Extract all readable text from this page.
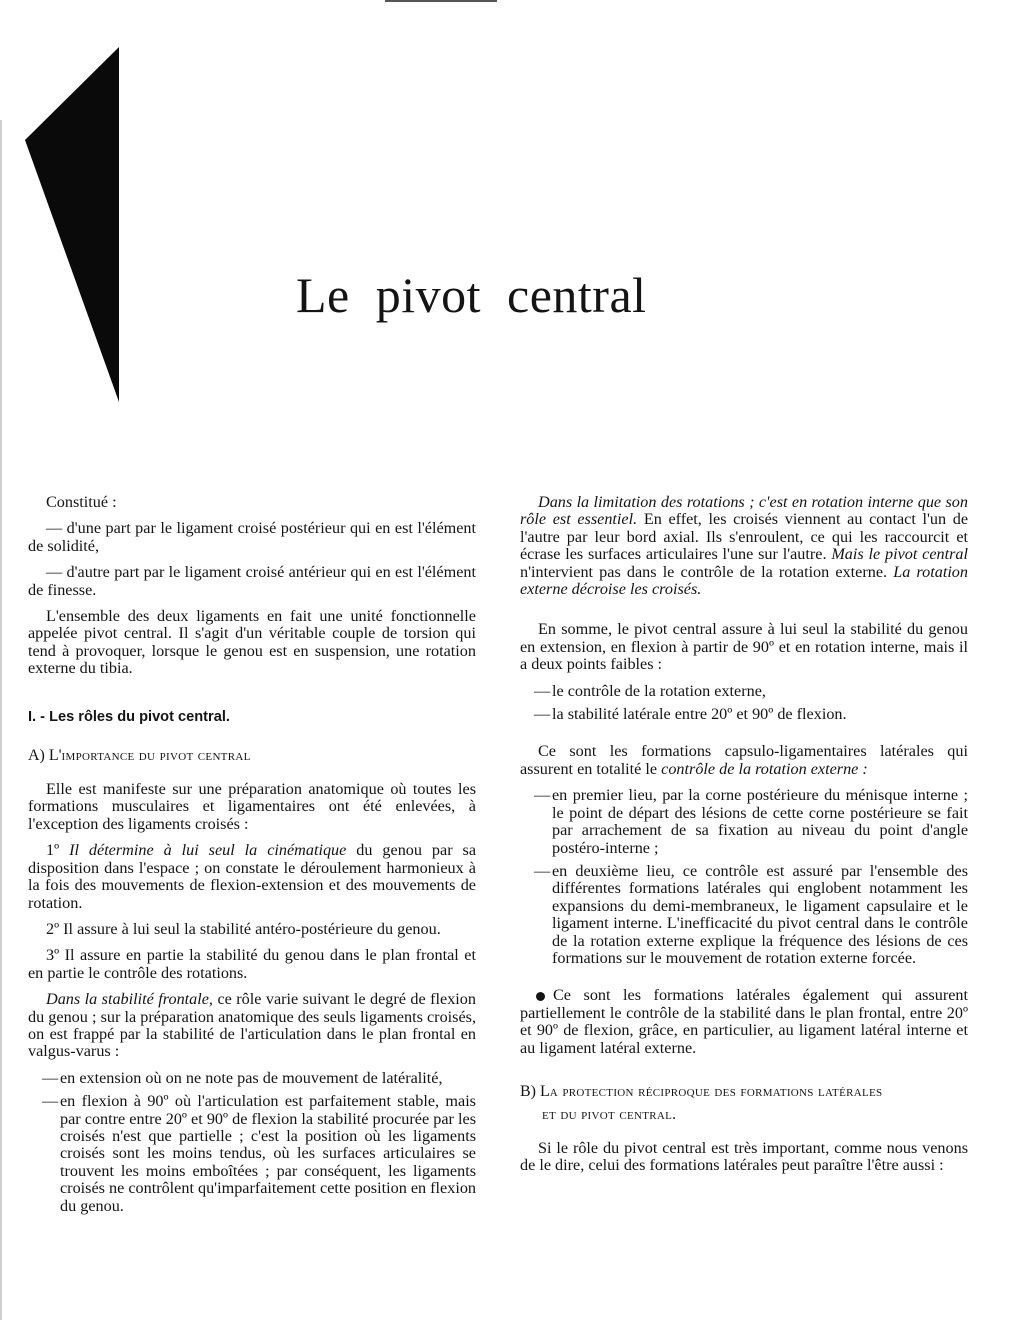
Le pivot central

Constitué :

— d'une part par le ligament croisé postérieur qui en est l'élément de solidité,

— d'autre part par le ligament croisé antérieur qui en est l'élément de finesse.

L'ensemble des deux ligaments en fait une unité fonctionnelle appelée pivot central. Il s'agit d'un véritable couple de torsion qui tend à provoquer, lorsque le genou est en suspension, une rotation externe du tibia.

I. - Les rôles du pivot central.

A) L'importance du pivot central

Elle est manifeste sur une préparation anatomique où toutes les formations musculaires et ligamentaires ont été enlevées, à l'exception des ligaments croisés :

1º Il détermine à lui seul la cinématique du genou par sa disposition dans l'espace ; on constate le déroulement harmonieux à la fois des mouvements de flexion-extension et des mouvements de rotation.

2º Il assure à lui seul la stabilité antéro-postérieure du genou.

3º Il assure en partie la stabilité du genou dans le plan frontal et en partie le contrôle des rotations.

Dans la stabilité frontale, ce rôle varie suivant le degré de flexion du genou ; sur la préparation anatomique des seuls ligaments croisés, on est frappé par la stabilité de l'articulation dans le plan frontal en valgus-varus :

— en extension où on ne note pas de mouvement de latéralité,
— en flexion à 90º où l'articulation est parfaitement stable, mais par contre entre 20º et 90º de flexion la stabilité procurée par les croisés n'est que partielle ; c'est la position où les ligaments croisés sont les moins tendus, où les surfaces articulaires se trouvent les moins emboîtées ; par conséquent, les ligaments croisés ne contrôlent qu'imparfaitement cette position en flexion du genou.

Dans la limitation des rotations ; c'est en rotation interne que son rôle est essentiel. En effet, les croisés viennent au contact l'un de l'autre par leur bord axial. Ils s'enroulent, ce qui les raccourcit et écrase les surfaces articulaires l'une sur l'autre. Mais le pivot central n'intervient pas dans le contrôle de la rotation externe. La rotation externe décroise les croisés.

En somme, le pivot central assure à lui seul la stabilité du genou en extension, en flexion à partir de 90º et en rotation interne, mais il a deux points faibles :

— le contrôle de la rotation externe,
— la stabilité latérale entre 20º et 90º de flexion.

Ce sont les formations capsulo-ligamentaires latérales qui assurent en totalité le contrôle de la rotation externe :

— en premier lieu, par la corne postérieure du ménisque interne ; le point de départ des lésions de cette corne postérieure se fait par arrachement de sa fixation au niveau du point d'angle postéro-interne ;
— en deuxième lieu, ce contrôle est assuré par l'ensemble des différentes formations latérales qui englobent notamment les expansions du demi-membraneux, le ligament capsulaire et le ligament interne. L'inefficacité du pivot central dans le contrôle de la rotation externe explique la fréquence des lésions de ces formations sur le mouvement de rotation externe forcée.

Ce sont les formations latérales également qui assurent partiellement le contrôle de la stabilité dans le plan frontal, entre 20º et 90º de flexion, grâce, en particulier, au ligament latéral interne et au ligament latéral externe.

B) La protection réciproque des formations latérales
et du pivot central.

Si le rôle du pivot central est très important, comme nous venons de le dire, celui des formations latérales peut paraître l'être aussi :
